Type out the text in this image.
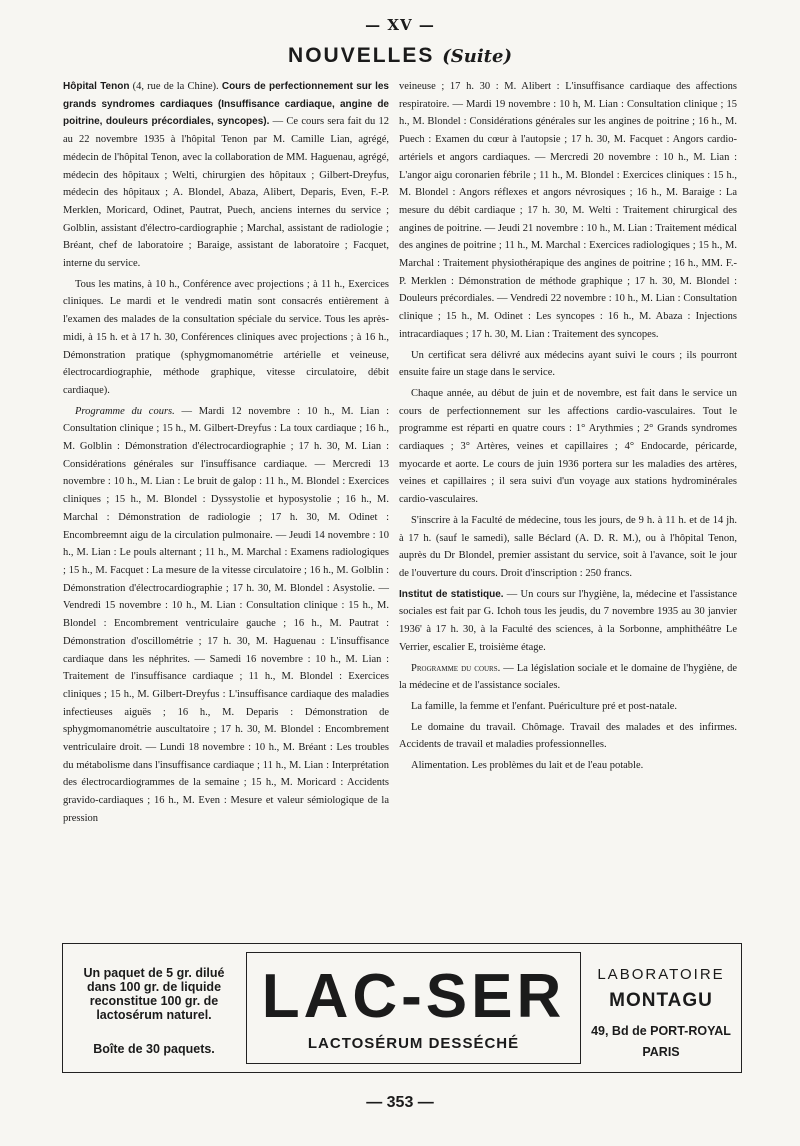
— XV —
NOUVELLES (Suite)

Hôpital Tenon (4, rue de la Chine). Cours de perfectionnement sur les grands syndromes cardiaques (Insuffisance cardiaque, angine de poitrine, douleurs précordiales, syncopes). — Ce cours sera fait du 12 au 22 novembre 1935 à l'hôpital Tenon par M. Camille Lian, agrégé, médecin de l'hôpital Tenon, avec la collaboration de MM. Haguenau, agrégé, médecin des hôpitaux ; Welti, chirurgien des hôpitaux ; Gilbert-Dreyfus, médecin des hôpitaux ; A. Blondel, Abaza, Alibert, Deparis, Even, F.-P. Merklen, Moricard, Odinet, Pautrat, Puech, anciens internes du service ; Golblin, assistant d'électro-cardiographie ; Marchal, assistant de radiologie ; Bréant, chef de laboratoire ; Baraige, assistant de laboratoire ; Facquet, interne du service.

Tous les matins, à 10 h., Conférence avec projections ; à 11 h., Exercices cliniques. Le mardi et le vendredi matin sont consacrés entièrement à l'examen des malades de la consultation spéciale du service. Tous les après-midi, à 15 h. et à 17 h. 30, Conférences cliniques avec projections ; à 16 h., Démonstration pratique (sphygmomanométrie artérielle et veineuse, électrocardiographie, méthode graphique, vitesse circulatoire, débit cardiaque).

Programme du cours. — Mardi 12 novembre : 10 h., M. Lian : Consultation clinique ; 15 h., M. Gilbert-Dreyfus : La toux cardiaque ; 16 h., M. Golblin : Démonstration d'électrocardiographie ; 17 h. 30, M. Lian : Considérations générales sur l'insuffisance cardiaque. — Mercredi 13 novembre : 10 h., M. Lian : Le bruit de galop : 11 h., M. Blondel : Exercices cliniques ; 15 h., M. Blondel : Dyssystolie et hyposystolie ; 16 h., M. Marchal : Démonstration de radiologie ; 17 h. 30, M. Odinet : Encombreemnt aigu de la circulation pulmonaire. — Jeudi 14 novembre : 10 h., M. Lian : Le pouls alternant ; 11 h., M. Marchal : Examens radiologiques ; 15 h., M. Facquet : La mesure de la vitesse circulatoire ; 16 h., M. Golblin : Démonstration d'électrocardiographie ; 17 h. 30, M. Blondel : Asystolie. — Vendredi 15 novembre : 10 h., M. Lian : Consultation clinique : 15 h., M. Blondel : Encombrement ventriculaire gauche ; 16 h., M. Pautrat : Démonstration d'oscillométrie ; 17 h. 30, M. Haguenau : L'insuffisance cardiaque dans les néphrites. — Samedi 16 novembre : 10 h., M. Lian : Traitement de l'insuffisance cardiaque ; 11 h., M. Blondel : Exercices cliniques ; 15 h., M. Gilbert-Dreyfus : L'insuffisance cardiaque des maladies infectieuses aiguës ; 16 h., M. Deparis : Démonstration de sphygmomanométrie auscultatoire ; 17 h. 30, M. Blondel : Encombrement ventriculaire droit. — Lundi 18 novembre : 10 h., M. Bréant : Les troubles du métabolisme dans l'insuffisance cardiaque ; 11 h., M. Lian : Interprétation des électrocardiogrammes de la semaine ; 15 h., M. Moricard : Accidents gravido-cardiaques ; 16 h., M. Even : Mesure et valeur sémiologique de la pression

veineuse ; 17 h. 30 : M. Alibert : L'insuffisance cardiaque des affections respiratoire. — Mardi 19 novembre : 10 h, M. Lian : Consultation clinique ; 15 h., M. Blondel : Considérations générales sur les angines de poitrine ; 16 h., M. Puech : Examen du cœur à l'autopsie ; 17 h. 30, M. Facquet : Angors cardio-artériels et angors cardiaques. — Mercredi 20 novembre : 10 h., M. Lian : L'angor aigu coronarien fébrile ; 11 h., M. Blondel : Exercices cliniques : 15 h., M. Blondel : Angors réflexes et angors névrosiques ; 16 h., M. Baraige : La mesure du débit cardiaque ; 17 h. 30, M. Welti : Traitement chirurgical des angines de poitrine. — Jeudi 21 novembre : 10 h., M. Lian : Traitement médical des angines de poitrine ; 11 h., M. Marchal : Exercices radiologiques ; 15 h., M. Marchal : Traitement physiothérapique des angines de poitrine ; 16 h., MM. F.-P. Merklen : Démonstration de méthode graphique ; 17 h. 30, M. Blondel : Douleurs précordiales. — Vendredi 22 novembre : 10 h., M. Lian : Consultation clinique ; 15 h., M. Odinet : Les syncopes : 16 h., M. Abaza : Injections intracardiaques ; 17 h. 30, M. Lian : Traitement des syncopes.

Un certificat sera délivré aux médecins ayant suivi le cours ; ils pourront ensuite faire un stage dans le service.

Chaque année, au début de juin et de novembre, est fait dans le service un cours de perfectionnement sur les affections cardio-vasculaires. Tout le programme est réparti en quatre cours : 1° Arythmies ; 2° Grands syndromes cardiaques ; 3° Artères, veines et capillaires ; 4° Endocarde, péricarde, myocarde et aorte. Le cours de juin 1936 portera sur les maladies des artères, veines et capillaires ; il sera suivi d'un voyage aux stations hydrominérales cardio-vasculaires.

S'inscrire à la Faculté de médecine, tous les jours, de 9 h. à 11 h. et de 14 jh. à 17 h. (sauf le samedi), salle Béclard (A. D. R. M.), ou à l'hôpital Tenon, auprès du Dr Blondel, premier assistant du service, soit à l'avance, soit le jour de l'ouverture du cours. Droit d'inscription : 250 francs.

Institut de statistique. — Un cours sur l'hygiène, la, médecine et l'assistance sociales est fait par G. Ichoh tous les jeudis, du 7 novembre 1935 au 30 janvier 1936' à 17 h. 30, à la Faculté des sciences, à la Sorbonne, amphithéâtre Le Verrier, escalier E, troisième étage.

Programme du cours. — La législation sociale et le domaine de l'hygiène, de la médecine et de l'assistance sociales.

La famille, la femme et l'enfant. Puériculture pré et post-natale.

Le domaine du travail. Chômage. Travail des malades et des infirmes. Accidents de travail et maladies professionnelles.

Alimentation. Les problèmes du lait et de l'eau potable.

Un paquet de 5 gr. dilué dans 100 gr. de liquide reconstitue 100 gr. de lactosérum naturel.
Boîte de 30 paquets.
LAC-SER
LACTOSÉRUM DESSÉCHÉ
LABORATOIRE
MONTAGU
49, Bd de PORT-ROYAL
PARIS
— 353 —
